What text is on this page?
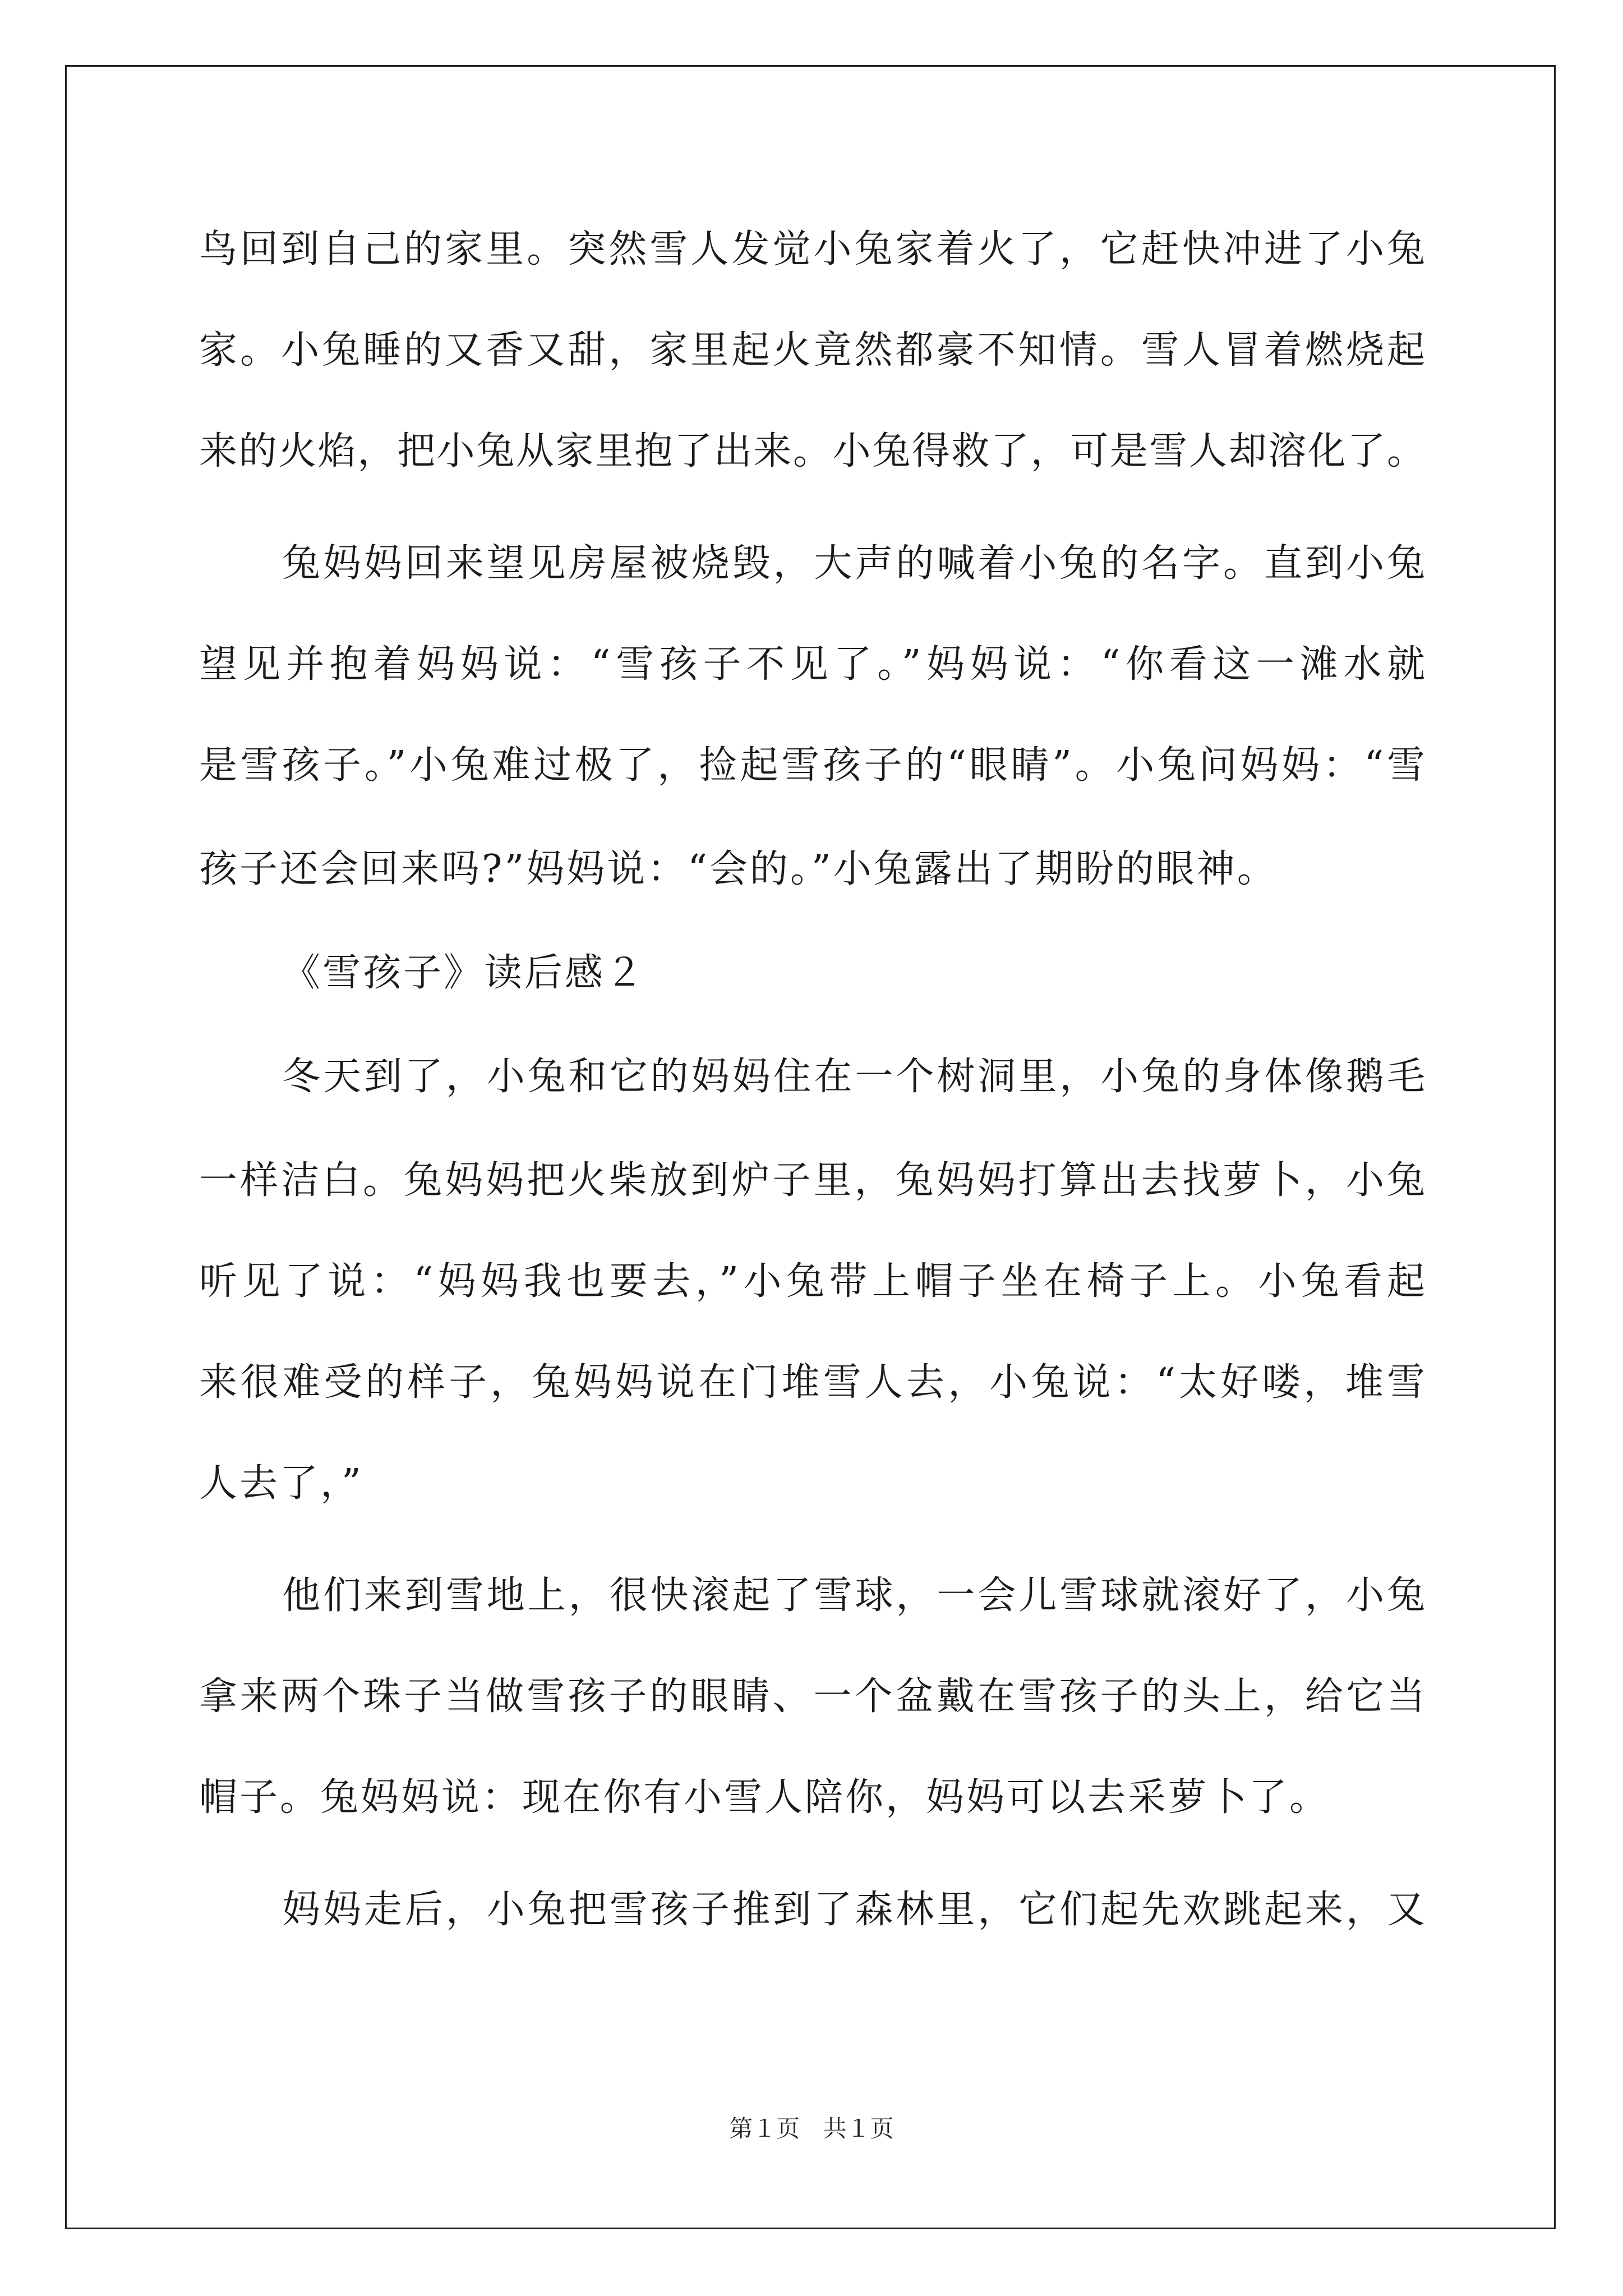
鸟回到自己的家里。突然雪人发觉小兔家着火了，它赶快冲进了小兔
家。小兔睡的又香又甜，家里起火竟然都豪不知情。雪人冒着燃烧起
来的火焰，把小兔从家里抱了出来。小兔得救了，可是雪人却溶化了。
兔妈妈回来望见房屋被烧毁，大声的喊着小兔的名字。直到小兔
望见并抱着妈妈说：“雪孩子不见了。”妈妈说：“你看这一滩水就
是雪孩子。”小兔难过极了，捡起雪孩子的“眼睛”。小兔问妈妈：“雪
孩子还会回来吗?”妈妈说：“会的。”小兔露出了期盼的眼神。
《雪孩子》读后感２
冬天到了，小兔和它的妈妈住在一个树洞里，小兔的身体像鹅毛
一样洁白。兔妈妈把火柴放到炉子里，兔妈妈打算出去找萝卜，小兔
听见了说：“妈妈我也要去，”小兔带上帽子坐在椅子上。小兔看起
来很难受的样子，兔妈妈说在门堆雪人去，小兔说：“太好喽，堆雪
人去了，”
他们来到雪地上，很快滚起了雪球，一会儿雪球就滚好了，小兔
拿来两个珠子当做雪孩子的眼睛、一个盆戴在雪孩子的头上，给它当
帽子。兔妈妈说：现在你有小雪人陪你，妈妈可以去采萝卜了。
妈妈走后，小兔把雪孩子推到了森林里，它们起先欢跳起来，又
第１页 共１页
